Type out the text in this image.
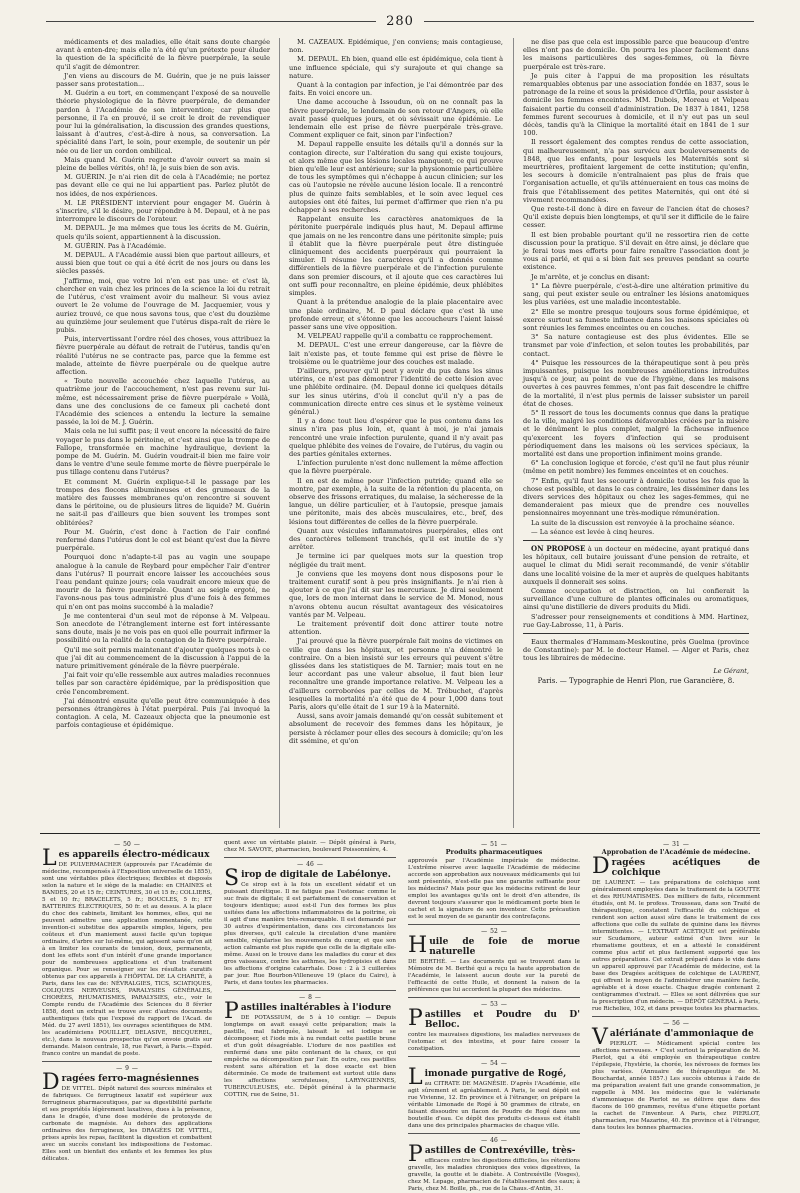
280

médicaments et des maladies, elle était sans doute chargée avant à enten-dre; mais elle n'a été qu'un prétexte pour éluder la question de la spécificité de la fièvre puerpérale, la seule qu'il s'agit de démontrer.

J'en viens au discours de M. Guérin, que je ne puis laisser passer sans protestation...

M. Guérin a eu tort, en commençant l'exposé de sa nouvelle théorie physiologique de la fièvre puerpérale, de demander pardon à l'Académie de son intervention; car plus que personne, il l'a en prouvé, il se croit le droit de revendiquer pour lui la généralisation, la discussion des grandes questions, laissant à d'autres, c'est-à-dire à nous, sa conversation. La spécialité dans l'art, le soin, pour exemple, de soutenir un pér née ou de lier un cordon ombilical.

Mais quand M. Guérin regrette d'avoir ouvert sa main si pleine de belles vérités, oh! là, je suis bien de son avis.

M. GUÉRIN. Je n'ai rien dit de cela à l'Académie; ne portez pas devant elle ce qui ne lui appartient pas. Parlez plutôt de nos idées, de nos expériences.

M. LE PRÉSIDENT intervient pour engager M. Guérin à s'inscrire, s'il le désire, pour répondre à M. Depaul, et à ne pas interrompre le discours de l'orateur.

M. DEPAUL. Je ma mêmes que tous les écrits de M. Guérin, quels qu'ils soient, appartiennent à la discussion.

M. GUÉRIN. Pas à l'Académie.

M. DEPAUL. A l'Académie aussi bien que partout ailleurs, et aussi bien que tout ce qui a été écrit de nos jours ou dans les siècles passés.

J'affirme, moi, que votre loi n'en est pas une: et c'est là, chercher en vain chez les princes de la science la loi du retrait de l'utérus, c'est vraiment avoir du malheur. Si vous aviez ouvert le 2e volume de l'ouvrage de M. Jacquemier, vous y auriez trouvé, ce que nous savons tous, que c'est du douzième au quinzième jour seulement que l'utérus dispa-raît de rière le pubis.

Puis, intervertissant l'ordre réel des choses, vous attribuez la fièvre puerpérale au défaut de retrait de l'utérus, tandis qu'en réalité l'utérus ne se contracte pas, parce que la femme est malade, atteinte de fièvre puerpérale ou de quelque autre affection.

« Toute nouvelle accouchée chez laquelle l'utérus, au quatrième jour de l'accouchement, n'est pas revenu sur lui-même, est nécessairement prise de fièvre puerpérale » Voilà, dans une des conclusions de ce fameux pli cacheté dont l'Académie des sciences a entendu la lecture la semaine passée, la loi de M. J. Guérin.

Mais cela ne lui suffit pas; il veut encore la nécessité de faire voyager le pus dans le péritoine, et c'est ainsi que la trompe de Fallope, transformée en machine hydraulique, devient la pompe de M. Guérin. M. Guérin voudrait-il bien me faire voir dans le ventre d'une seule femme morte de fièvre puerpérale le pus tillage contenu dans l'utérus?

Et comment M. Guérin explique-t-il le passage par les trompes des flocons albumineuses et des grumeaux de la matière des fausses membranes qu'on rencontre si souvent dans le péritoine, ou de plusieurs litres de liquide? M. Guérin ne sait-il pas d'ailleurs que bien souvent les trompes sont oblitérées?

Pour M. Guérin, c'est donc à l'action de l'air confiné renfermé dans l'utérus dont le col est béant qu'est due la fièvre puerpérale.

Pourquoi donc n'adapte-t-il pas au vagin une soupape analogue à la canule de Reybard pour empêcher l'air d'entrer dans l'utérus? Il pourrait encore laisser les accouchées sous l'eau pendant quinze jours; cela vaudrait encore mieux que de mourir de la fièvre puerpérale. Quant au seigle ergoté, ne l'avons-nous pas tous administré plus d'une fois à des femmes qui n'en ont pas moins succombé à la maladie?

Je me contenterai d'un seul mot de réponse à M. Velpeau. Son anecdote de l'étranglement interne est fort intéressante sans doute, mais je ne vois pas en quoi elle pourrait infirmer la possibilité ou la réalité de la contagion de la fièvre puerpérale.

Qu'il me soit permis maintenant d'ajouter quelques mots à ce que j'ai dit au commencement de la discussion à l'appui de la nature primitivement générale de la fièvre puerpérale.

J'ai fait voir qu'elle ressemble aux autres maladies reconnues telles par son caractère épidémique, par la prédisposition que crée l'encombrement.

J'ai démontré ensuite qu'elle peut être communiquée à des personnes étrangères à l'état puerpéral. Puis j'ai invoqué la contagion. A cela, M. Cazeaux objecta que la pneumonie est parfois contagieuse et épidémique.

M. CAZEAUX. Epidémique, j'en conviens; mais contagieuse, non.

M. DEPAUL. Eh bien, quand elle est épidémique, cela tient à une influence spéciale, qui s'y surajoute et qui change sa nature.

Quant à la contagion par infection, je l'ai démontrée par des faits. En voici encore un.

Une dame accouche à Issoudun, où on ne connaît pas la fièvre puerpérale, le lendemain de son retour d'Angers, où elle avait passé quelques jours, et où sévissait une épidémie. Le lendemain elle est prise de fièvre puerpérale très-grave. Comment expliquer ce fait, sinon par l'infection?

M. Depaul rappelle ensuite les détails qu'il a donnés sur la contagion directe, sur l'altération du sang qui existe toujours, et alors même que les lésions locales manquent; ce qui prouve bien qu'elle leur est antérieure; sur la physionomie particulière de tous les symptômes qui n'échappe à aucun clinicien; sur les cas où l'autopsie ne révèle aucune lésion locale. Il a rencontré plus de quinze faits semblables, et le soin avec lequel ces autopsies ont été faites, lui permet d'affirmer que rien n'a pu échapper à ses recherches.

Rappelant ensuite les caractères anatomiques de la péritonite puerpérale indiqués plus haut, M. Depaul affirme que jamais on ne les rencontre dans une péritonite simple; puis il établit que la fièvre puerpérale peut être distinguée cliniquement des accidents puerpéraux qui pourraient la simuler. Il résume les caractères qu'il a donnés comme différentiels de la fièvre puerpérale et de l'infection purulente dans son premier discours, et il ajoute que ces caractères lui ont suffi pour reconnaître, en pleine épidémie, deux phlébites simples.

Quant à la prétendue analogie de la plaie placentaire avec une plaie ordinaire, M. D paul déclare que c'est là une profonde erreur, et s'étonne que les accoucheurs l'aient laissé passer sans une vive opposition.

M. VELPEAU rappelle qu'il a combattu ce rapprochement.

M. DEPAUL. C'est une erreur dangereuse, car la fièvre de lait n'existe pas, et toute femme qui est prise de fièvre le troisième ou le quatrième jour des couches est malade.

D'ailleurs, prouver qu'il peut y avoir du pus dans les sinus utérins, ce n'est pas démontrer l'identité de cette lésion avec une phlébite ordinaire. (M. Depaul donne ici quelques détails sur les sinus utérins, d'où il conclut qu'il n'y a pas de communication directe entre ces sinus et le système veineux général.)

Il y a donc tout lieu d'espérer que le pus contenu dans les sinus n'ira pas plus loin, et, quant à moi, je n'ai jamais rencontré une vraie infection purulente, quand il n'y avait pas quelque phlébite des veines de l'ovaire, de l'utérus, du vagin ou des parties génitales externes.

L'infection purulente n'est donc nullement la même affection que la fièvre puerpérale.

Il en est de même pour l'infection putride; quand elle se montre, par exemple, à la suite de la rétention du placenta, on observe des frissons erratiques, du malaise, la sécheresse de la langue, un délire particulier, et à l'autopsie, presque jamais une péritonite, mais des abcès musculaires, etc., bref, des lésions tout différentes de celles de la fièvre puerpérale.

Quant aux vésicules inflammatoires puerpérales, elles ont des caractères tellement tranchés, qu'il est inutile de s'y arrêter.

Je termine ici par quelques mots sur la question trop négligée du trait ment.

Je conviens que les moyens dont nous disposons pour le traitement curatif sont à peu près insignifiants. Je n'ai rien à ajouter à ce que j'ai dit sur les mercuriaux. Je dirai seulement que, lors de mon internat dans le service de M. Monod, nous n'avons obtenu aucun résultat avantageux des vésicatoires vantés par M. Velpeau.

Le traitement préventif doit donc attirer toute notre attention.

J'ai prouvé que la fièvre puerpérale fait moins de victimes en ville que dans les hôpitaux, et personne n'a démontré le contraire. On a bien insisté sur les erreurs qui peuvent s'être glissées dans les statistiques de M. Tarnier; mais tout en ne leur accordant pas une valeur absolue, il faut bien leur reconnaître une grande importance relative. M. Velpeau les a d'ailleurs corroborées par celles de M. Trébuchet, d'après lesquelles la mortalité n'a été que de 4 pour 1,000 dans tout Paris, alors qu'elle était de 1 sur 19 à la Maternité.

Aussi, sans avoir jamais demandé qu'on cessât subitement et absolument de recevoir des femmes dans les hôpitaux, je persiste à réclamer pour elles des secours à domicile; qu'on les dit ssémine, et qu'on

ne dise pas que cela est impossible parce que beaucoup d'entre elles n'ont pas de domicile. On pourra les placer facilement dans les maisons particulières des sages-femmes, où la fièvre puerpérale est très-rare.

Je puis citer à l'appui de ma proposition les résultats remarquables obtenus par une association fondée en 1837, sous le patronage de la reine et sous la présidence d'Orfila, pour assister à domicile les femmes enceintes. MM. Dubois, Moreau et Velpeau faisaient partie du conseil d'administration. De 1837 à 1841, 1258 femmes furent secourues à domicile, et il n'y eut pas un seul décès, tandis qu'à la Clinique la mortalité était en 1841 de 1 sur 100.

Il ressort également des comptes rendus de cette association, qui malheureusement, n'a pas survécu aux bouleversements de 1848, que les enfants, pour lesquels les Maternités sont si meurtrières, profitaient largement de cette institution; qu'enfin, les secours à domicile n'entraînaient pas plus de frais que l'organisation actuelle, et qu'ils atténueraient en tous cas moins de frais que l'établissement des petites Maternités, qui ont été si vivement recommandées.

Que reste-t-il donc à dire en faveur de l'ancien état de choses? Qu'il existe depuis bien longtemps, et qu'il ser it difficile de le faire cesser.

Il est bien probable pourtant qu'il ne ressortira rien de cette discussion pour la pratique. S'il devait en être ainsi, je déclare que je ferai tous mes efforts pour faire renaître l'association dont je vous ai parlé, et qui a si bien fait ses preuves pendant sa courte existence.

Je m'arrête, et je conclus en disant:

1° La fièvre puerpérale, c'est-à-dire une altération primitive du sang, qui peut exister seule ou entraîner les lésions anatomiques les plus variées, est une maladie incontestable.

2° Elle se montre presque toujours sous forme épidémique, et exerce surtout sa funeste influence dans les maisons spéciales où sont réunies les femmes enceintes ou en couches.

3° Sa nature contagieuse est des plus évidentes. Elle se transmet par voie d'infection, et selon toutes les probabilités, par contact.

4° Puisque les ressources de la thérapeutique sont à peu près impuissantes, puisque les nombreuses améliorations introduites jusqu'à ce jour, au point de vue de l'hygiène, dans les maisons ouvertes à ces pauvres femmes, n'ont pas fait descendre le chiffre de la mortalité, il n'est plus permis de laisser subsister un pareil état de choses.

5° Il ressort de tous les documents connus que dans la pratique de la ville, malgré les conditions défavorables créées par la misère et le dénûment le plus complet, malgré la fâcheuse influence qu'exercent les foyers d'infection qui se produisent périodiquement dans les maisons où les services spéciaux, la mortalité est dans une proportion infiniment moins grande.

6° La conclusion logique et forcée, c'est qu'il ne faut plus réunir (même en petit nombre) les femmes enceintes et en couches.

7° Enfin, qu'il faut les secourir à domicile toutes les fois que la chose est possible, et dans le cas contraire, les disséminer dans les divers services des hôpitaux ou chez les sages-femmes, qui ne demanderaient pas mieux que de prendre ces nouvelles pensionnaires moyennant une très-modique rémunération.

La suite de la discussion est renvoyée à la prochaine séance.

— La séance est levée à cinq heures.

ON PROPOSE à un docteur en médecine, ayant pratiqué dans les hôpitaux, cell butaire jouissant d'une pension de retraite, et auquel le climat du Midi serait recommandé, de venir s'établir dans une localité voisine de la mer et auprès de quelques habitants auxquels il donnerait ses soins.

Comme occupation et distraction, on lui confierait la surveillance d'une culture de plantes officinales ou aromatiques, ainsi qu'une distillerie de divers produits du Midi.

S'adresser pour renseignements et conditions à MM. Hartinez, rue Gay-Labrosse, 11, à Paris.

Eaux thermales d'Hammam-Meskoutine, près Guelma (province de Constantine): par M. le docteur Hamel. — Alger et Paris, chez tous les libraires de médecine.

Le Gérant,
Paris. — Typographie de Henri Plon, rue Garancière, 8.
— 50 —
Les appareils électro-médicaux

DE PULVERMACHER (approuvés par l'Académie de médecine, recompensés à l'Exposition universelle de 1855), sont une véritables piles électriques; flexibles et disposés selon la nature et le siège de la maladie: en CHAINES et BANDES, 20 et 15 fr.; CEINTURES, 30 et 15 fr.; COLLIERS, 5 et 10 fr.; BRACELETS, 5 fr.; BOUCLES, 5 fr.; ET BATTERIES ÉLECTRIQUES, 50 fr. et au dessus. A la place du choc des cabinets, limitant les hommes, elles, qui ne peuvent admettre une application momentanée, cette invention-ci substitue des appareils simples, légers, peu coûteux et d'un maniement aussi facile qu'un topique ordinaire, d'arbre sur lui-même, qui agissent sans qu'on ait à en limiter les courants de tension, doux, permanents, dont les effets sont d'un intérêt d'une grande importance pour de nombreuses applications et d'un traitement organique. Pour se renseigner sur les résultats curatifs obtenus par ces appareils à l'HÔPITAL DE LA CHARITÉ, à Paris, dans les cas de: NÉVRALGIES, TICS, SCIATIQUES, COLIQUES NERVEUSES, PARALYSIES GÉNÉRALES, CHORÉES, RHUMATISMES, PARALYSIES, etc., voir le Compte rendu de l'Académie des Sciences du 8 février 1858, dont un extrait se trouve avec d'autres documents authentiques (tels que l'exposé du rapport de l'Acad. de Méd. du 27 avril 1851), les ouvrages scientifiques de MM. les académiciens POUILLET, DELASIVE, BECQUEREL, etc.), dans le nouveau prospectus qu'on envoie gratis sur demande. Maison centrale, 18, rue Favart, à Paris.—Expéd. franco contre un mandat de poste.

— 9 —
Dragées ferro-magnésiennes

DE VITTEL. Dépôt naturel des sources minérales et de fabriques. Ce ferrugineux laxatif est supérieur aux ferrugineux pharmaceutiques, par sa digestibilité parfaite et ses propriétés légèrement laxatives, dues à la présence, dans le dragée, d'une dose modérée de protoxyde de carbonate de magnésie. Au dehors des applications ordinaires des ferrugineux, les DRAGÉES DE VITTEL, prises après les repas, facilitent la digestion et combattent avec un succès constant les indispositions de l'estomac. Elles sont un bienfait des enfants et les femmes les plus délicates.

quent avec un véritable plaisir. — Dépôt général à Paris, chez M. SAVOYE, pharmacien, boulevard Poissonnière, 4.

— 46 —
Sirop de digitale de Labélonye.

Ce sirop est à la fois un excellent sédatif et un puissant diurétique. Il ne fatigue pas l'estomac comme le suc frais de digitale; il est parfaitement de conservation et toujours identique; aussi est-il l'un des formes les plus usitées dans les affections inflammatoires de la poitrine, où il agit d'une manière très-remarquable. Il est demandé par 30 autres d'expérimentation, dans ces circonstances les plus diverses, qu'il calcule la circulation d'une manière sensible, régularise les mouvements du cœur, et que son action calmante est plus rapide que celle de la digitale elle-même. Aussi on le trouve dans les maladies du cœur et des gros vaisseaux, contre les asthmes, les hydropisies et dans les affections d'origine catarrhale. Dose : 2 à 3 cuillerées par jour. Rue Bourbon-Villeneuve 19 (place du Caire), à Paris, et dans toutes les pharmacies.

— 8 —
Pastilles inaltérables à l'iodure

DE POTASSIUM, de 5 à 10 centigr. — Depuis longtemps on avait essayé cette préparation; mais la pastille, mal fabriquée, laissait le sel iodique se décomposer, et l'iode mis à nu rendait cette pastille brune et d'un goût désagréable. L'iodure de nos pastilles est renfermé dans une pâte contenant de la chaux, ce qui empêche sa décomposition par l'air. En outre, ces pastilles restent sans altération et la dose exacte est bien déterminée. Ce mode de traitement est surtout utile dans les affections scrofuleuses, LARYNGIENNES, TUBERCULEUSES, etc. Dépôt général à la pharmacie COTTIN, rue de Seine, 51.

— 51 —
Produits pharmaceutiques

approuvés par l'Académie impériale de médecine. L'extrême réserve avec laquelle l'Académie de médecine accorde son approbation aux nouveaux médicaments qui lui sont présentés, n'est-elle pas une garantie suffisante pour les médecins? Mais pour que les médecins retirent de leur emploi les avantages qu'ils ont le droit d'en attendre, ils devront toujours s'assurer que le médicament porte bien le cachet et la signature de son inventeur. Cette précaution est le seul moyen de se garantir des contrefaçons.

— 52 —
Huile de foie de morue naturelle

DE BERTHÉ. — Les documents qui se trouvent dans le Mémoire de M. Berthé qui a reçu la haute approbation de l'Académie, le laissent aucun doute sur la pureté de l'efficacité de cette Huile, et donnent la raison de la préférence que lui accordent la plupart des médecins.

— 53 —
Pastilles et Poudre du D' Belloc.

contre les mauvaises digestions, les maladies nerveuses de l'estomac et des intestins, et pour faire cesser la constipation.

— 54 —
Limonade purgative de Rogé,

au CITRATE DE MAGNÉSIE. D'après l'Académie, elle agit sûrement et agréablement. A Paris, le seul dépôt est rue Vivienne, 12. En province et à l'étranger, on prépare la véritable Limonade de Rogé à 50 grammes de citrate, en faisant dissoudre un flacon de Poudre de Rogé dans une bouteille d'eau. Ce dépôt des produits ci-dessus est établi dans une des principales pharmacies de chaque ville.

— 46 —
Pastilles de Contrexéville, très-

efficaces contre les digestions difficiles, les rétentions gravelle, les maladies chroniques des voies digestives, la gravelle, la goutte et le diabète. A Contrexéville (Vosges), chez M. Lepage, pharmacien de l'établissement des eaux; à Paris, chez M. Boille, ph., rue de la Chaus.-d'Antin, 31.

— 31 —
Approbation de l'Académie de médecine.
Dragées acétiques de colchique

DE LAURENT. — Les préparations de colchique sont généralement employées dans le traitement de la GOUTTE et des RHUMATISMES. Des milliers de faits, récemment étudiés, ont M. le profess. Trousseau, dans son Traité de thérapeutique, constatent l'efficacité du colchique et rendent son action aussi sûre dans le traitement de ces affections que celle du sulfate de quinine dans les fièvres intermittentes. — L'EXTRAIT ACÉTIQUE est préférable sur Scudamore, auteur estimé d'un livre sur le rhumatisme goutteux, et en a attesté le considérent comme plus actif et plus facilement supporté que les autres préparations. Cet extrait préparé dans le vide dans un appareil approuvé par l'Académie de médecine, est la base des Dragées acétiques de colchique de LAURENT, qui offrent le moyen de l'administrer une manière facile, agréable et à dose exacte. Chaque dragée contenant 2 centigrammes d'extrait. — Elles se sont délivrées que sur la prescription d'un médecin. — DÉPÔT GÉNÉRAL à Paris, rue Richelieu, 102, et dans presque toutes les pharmacies.

— 56 —
Valériánate d'ammoniaque de

PIERLOT. — Médicament spécial contre les affections nerveuses. • C'est surtout la préparation de M. Pierlot, qui a été employée en thérapeutique contre l'épilepsie, l'hystérie, la chorée, les névroses de formes les plus variées. (Annuaire de thérapeutique de M. Bouchardat, année 1857.) Les succès obtenus à l'aide de ma préparation avaient fait une grande consommation, je rappelle à MM. les médecins que le valérianate d'ammoniaque de Pierlot ne se délivre que dans des flacons de 160 grammes, revêtus d'une étiquette portant la cachet de l'inventeur. A Paris, chez PIERLOT, pharmacien, rue Mazarine, 40. En province et à l'étranger, dans toutes les bonnes pharmacies.
